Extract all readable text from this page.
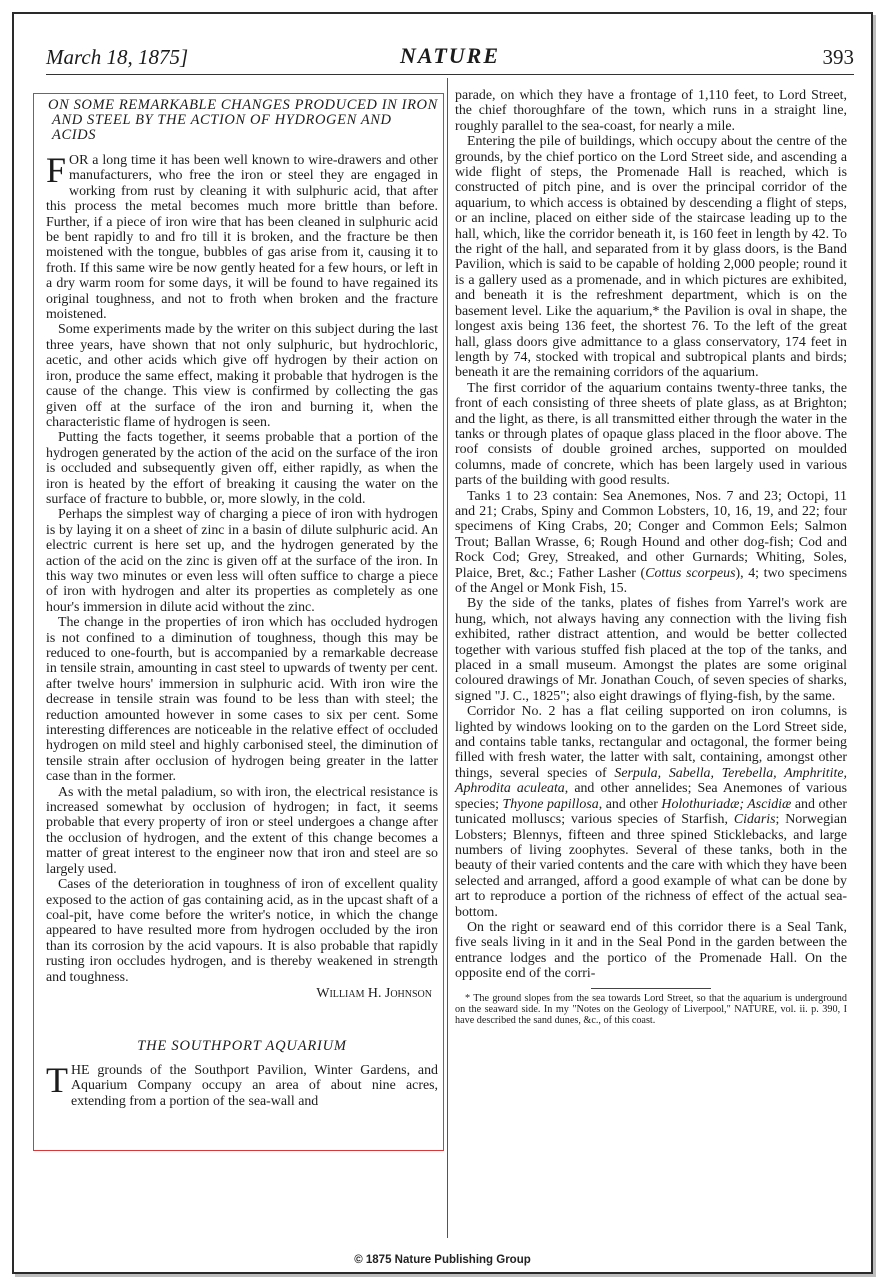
March 18, 1875]	NATURE	393
ON SOME REMARKABLE CHANGES PRODUCED IN IRON AND STEEL BY THE ACTION OF HYDROGEN AND ACIDS

FOR a long time it has been well known to wire-drawers and other manufacturers, who free the iron or steel they are engaged in working from rust by cleaning it with sulphuric acid, that after this process the metal becomes much more brittle than before. Further, if a piece of iron wire that has been cleaned in sulphuric acid be bent rapidly to and fro till it is broken, and the fracture be then moistened with the tongue, bubbles of gas arise from it, causing it to froth. If this same wire be now gently heated for a few hours, or left in a dry warm room for some days, it will be found to have regained its original toughness, and not to froth when broken and the fracture moistened.

Some experiments made by the writer on this subject during the last three years, have shown that not only sulphuric, but hydrochloric, acetic, and other acids which give off hydrogen by their action on iron, produce the same effect, making it probable that hydrogen is the cause of the change. This view is confirmed by collecting the gas given off at the surface of the iron and burning it, when the characteristic flame of hydrogen is seen.

Putting the facts together, it seems probable that a portion of the hydrogen generated by the action of the acid on the surface of the iron is occluded and subsequently given off, either rapidly, as when the iron is heated by the effort of breaking it causing the water on the surface of fracture to bubble, or, more slowly, in the cold.

Perhaps the simplest way of charging a piece of iron with hydrogen is by laying it on a sheet of zinc in a basin of dilute sulphuric acid. An electric current is here set up, and the hydrogen generated by the action of the acid on the zinc is given off at the surface of the iron. In this way two minutes or even less will often suffice to charge a piece of iron with hydrogen and alter its properties as completely as one hour's immersion in dilute acid without the zinc.

The change in the properties of iron which has occluded hydrogen is not confined to a diminution of toughness, though this may be reduced to one-fourth, but is accompanied by a remarkable decrease in tensile strain, amounting in cast steel to upwards of twenty per cent. after twelve hours' immersion in sulphuric acid. With iron wire the decrease in tensile strain was found to be less than with steel; the reduction amounted however in some cases to six per cent. Some interesting differences are noticeable in the relative effect of occluded hydrogen on mild steel and highly carbonised steel, the diminution of tensile strain after occlusion of hydrogen being greater in the latter case than in the former.

As with the metal paladium, so with iron, the electrical resistance is increased somewhat by occlusion of hydrogen; in fact, it seems probable that every property of iron or steel undergoes a change after the occlusion of hydrogen, and the extent of this change becomes a matter of great interest to the engineer now that iron and steel are so largely used.

Cases of the deterioration in toughness of iron of excellent quality exposed to the action of gas containing acid, as in the upcast shaft of a coal-pit, have come before the writer's notice, in which the change appeared to have resulted more from hydrogen occluded by the iron than its corrosion by the acid vapours. It is also probable that rapidly rusting iron occludes hydrogen, and is thereby weakened in strength and toughness.

William H. Johnson
THE SOUTHPORT AQUARIUM

THE grounds of the Southport Pavilion, Winter Gardens, and Aquarium Company occupy an area of about nine acres, extending from a portion of the sea-wall and

parade, on which they have a frontage of 1,110 feet, to Lord Street, the chief thoroughfare of the town, which runs in a straight line, roughly parallel to the sea-coast, for nearly a mile.

Entering the pile of buildings, which occupy about the centre of the grounds, by the chief portico on the Lord Street side, and ascending a wide flight of steps, the Promenade Hall is reached, which is constructed of pitch pine, and is over the principal corridor of the aquarium, to which access is obtained by descending a flight of steps, or an incline, placed on either side of the staircase leading up to the hall, which, like the corridor beneath it, is 160 feet in length by 42. To the right of the hall, and separated from it by glass doors, is the Band Pavilion, which is said to be capable of holding 2,000 people; round it is a gallery used as a promenade, and in which pictures are exhibited, and beneath it is the refreshment department, which is on the basement level. Like the aquarium,* the Pavilion is oval in shape, the longest axis being 136 feet, the shortest 76. To the left of the great hall, glass doors give admittance to a glass conservatory, 174 feet in length by 74, stocked with tropical and subtropical plants and birds; beneath it are the remaining corridors of the aquarium.

The first corridor of the aquarium contains twenty-three tanks, the front of each consisting of three sheets of plate glass, as at Brighton; and the light, as there, is all transmitted either through the water in the tanks or through plates of opaque glass placed in the floor above. The roof consists of double groined arches, supported on moulded columns, made of concrete, which has been largely used in various parts of the building with good results.

Tanks 1 to 23 contain: Sea Anemones, Nos. 7 and 23; Octopi, 11 and 21; Crabs, Spiny and Common Lobsters, 10, 16, 19, and 22; four specimens of King Crabs, 20; Conger and Common Eels; Salmon Trout; Ballan Wrasse, 6; Rough Hound and other dog-fish; Cod and Rock Cod; Grey, Streaked, and other Gurnards; Whiting, Soles, Plaice, Bret, &c.; Father Lasher (Cottus scorpeus), 4; two specimens of the Angel or Monk Fish, 15.

By the side of the tanks, plates of fishes from Yarrel's work are hung, which, not always having any connection with the living fish exhibited, rather distract attention, and would be better collected together with various stuffed fish placed at the top of the tanks, and placed in a small museum. Amongst the plates are some original coloured drawings of Mr. Jonathan Couch, of seven species of sharks, signed "J. C., 1825"; also eight drawings of flying-fish, by the same.

Corridor No. 2 has a flat ceiling supported on iron columns, is lighted by windows looking on to the garden on the Lord Street side, and contains table tanks, rectangular and octagonal, the former being filled with fresh water, the latter with salt, containing, amongst other things, several species of Serpula, Sabella, Terebella, Amphritite, Aphrodita aculeata, and other annelides; Sea Anemones of various species; Thyone papillosa, and other Holothuriadæ; Ascidiæ and other tunicated molluscs; various species of Starfish, Cidaris; Norwegian Lobsters; Blennys, fifteen and three spined Sticklebacks, and large numbers of living zoophytes. Several of these tanks, both in the beauty of their varied contents and the care with which they have been selected and arranged, afford a good example of what can be done by art to reproduce a portion of the richness of effect of the actual sea-bottom.

On the right or seaward end of this corridor there is a Seal Tank, five seals living in it and in the Seal Pond in the garden between the entrance lodges and the portico of the Promenade Hall. On the opposite end of the corri-

* The ground slopes from the sea towards Lord Street, so that the aquarium is underground on the seaward side. In my "Notes on the Geology of Liverpool," NATURE, vol. ii. p. 390, I have described the sand dunes, &c., of this coast.
© 1875 Nature Publishing Group
